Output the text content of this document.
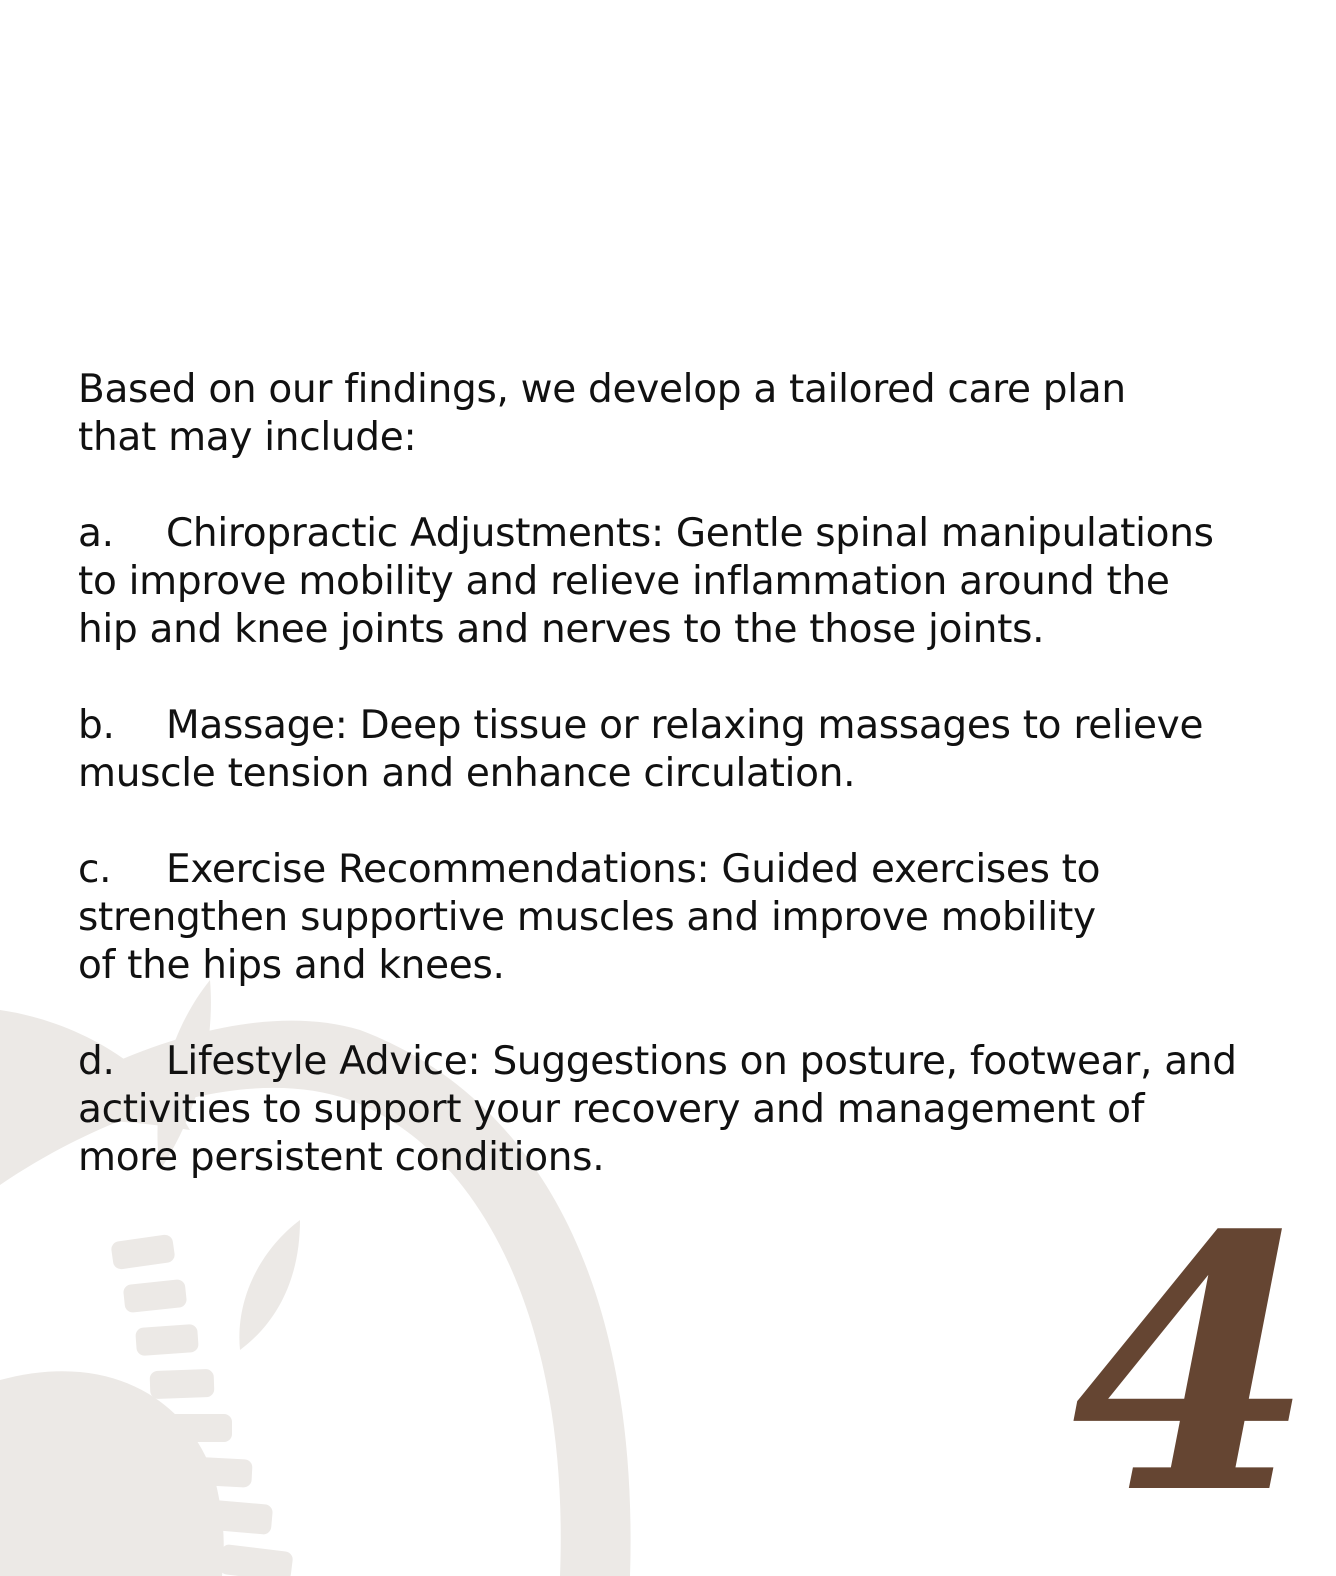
Based on our findings, we develop a tailored care plan
that may include:

a. Chiropractic Adjustments: Gentle spinal manipulations
to improve mobility and relieve inflammation around the
hip and knee joints and nerves to the those joints.

b. Massage: Deep tissue or relaxing massages to relieve
muscle tension and enhance circulation.

c. Exercise Recommendations: Guided exercises to
strengthen supportive muscles and improve mobility
of the hips and knees.

d. Lifestyle Advice: Suggestions on posture, footwear, and
activities to support your recovery and management of
more persistent conditions.

4
